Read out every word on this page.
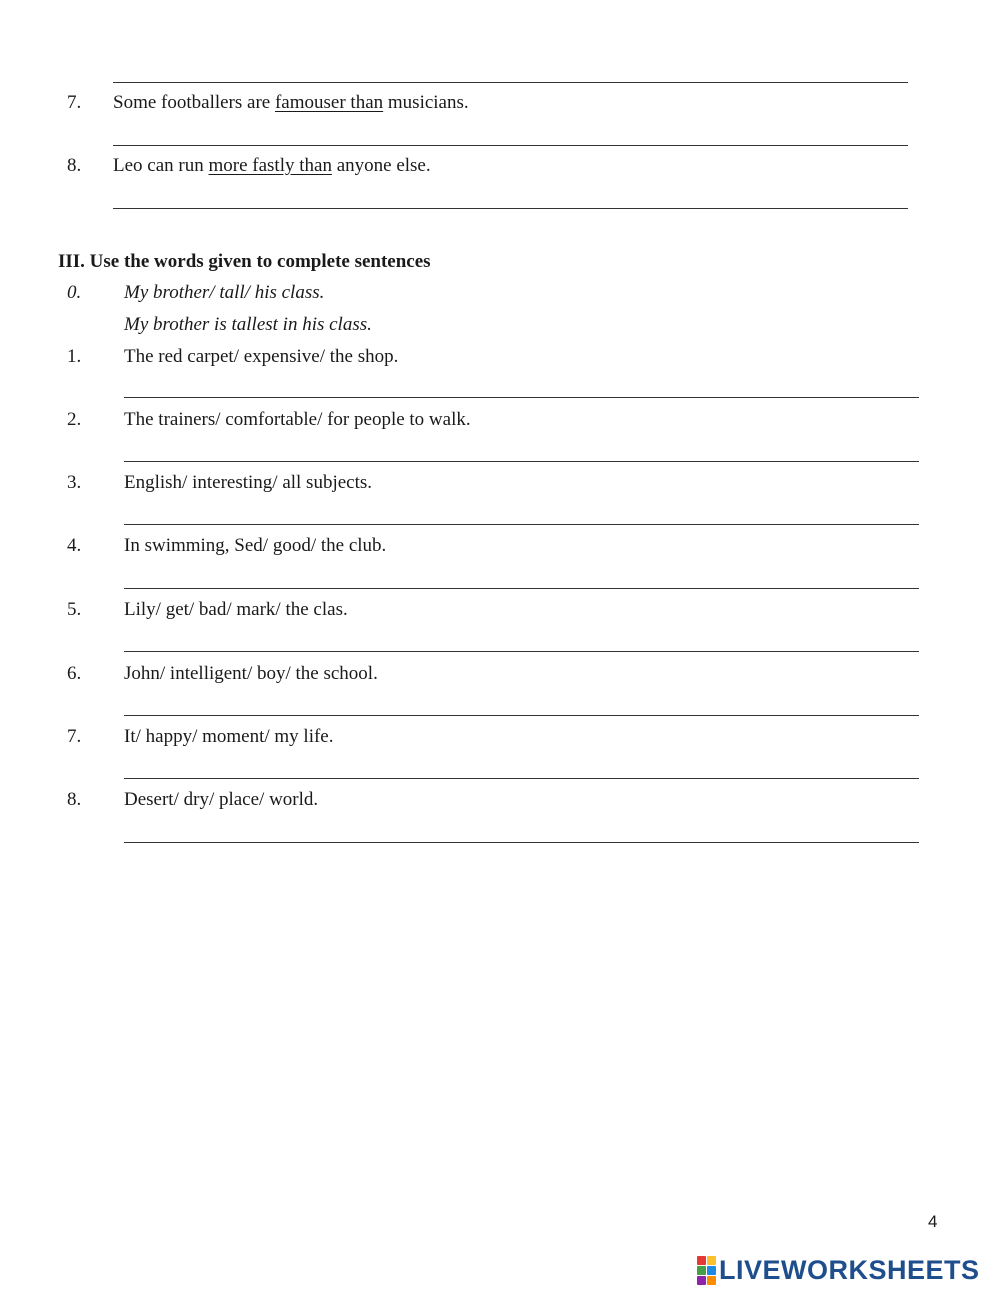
7.	Some footballers are famouser than musicians.
8.	Leo can run more fastly than anyone else.
III. Use the words given to complete sentences
0.	My brother/ tall/ his class.
My brother is tallest in his class.
1.	The red carpet/ expensive/ the shop.
2.	The trainers/ comfortable/ for people to walk.
3.	English/ interesting/ all subjects.
4.	In swimming, Sed/ good/ the club.
5.	Lily/ get/ bad/ mark/ the clas.
6.	John/ intelligent/ boy/ the school.
7.	It/ happy/ moment/ my life.
8.	Desert/ dry/ place/ world.
4
LIVEWORKSHEETS
